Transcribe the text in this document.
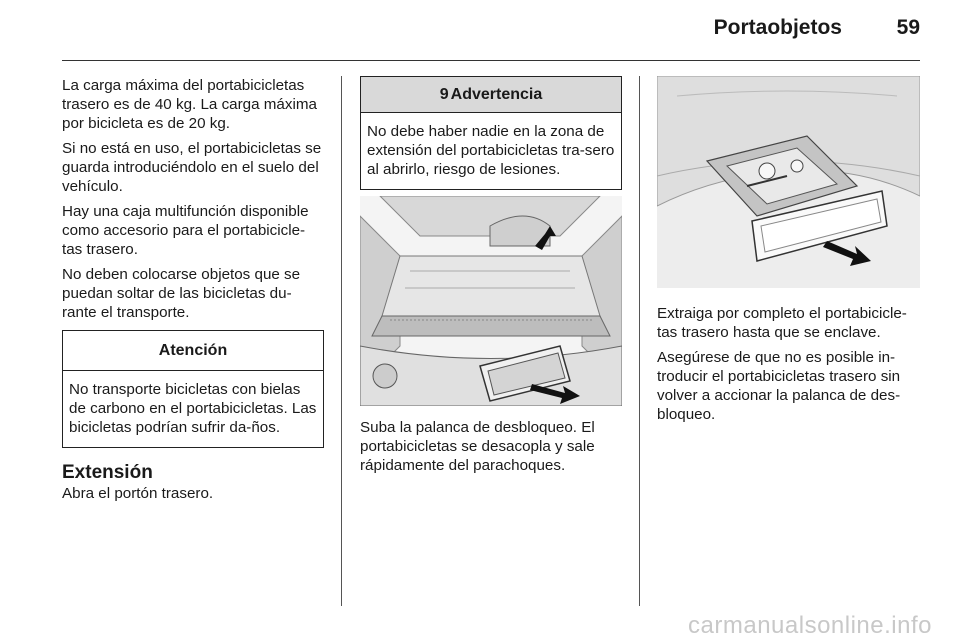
Portaobjetos	59

La carga máxima del portabicicletas trasero es de 40 kg. La carga máxima por bicicleta es de 20 kg.

Si no está en uso, el portabicicletas se guarda introduciéndolo en el suelo del vehículo.

Hay una caja multifunción disponible como accesorio para el portabicicle-tas trasero.

No deben colocarse objetos que se puedan soltar de las bicicletas du-rante el transporte.

Atención
No transporte bicicletas con bielas de carbono en el portabicicletas. Las bicicletas podrían sufrir da-ños.
Extensión
Abra el portón trasero.
9 Advertencia
No debe haber nadie en la zona de extensión del portabicicletas tra-sero al abrirlo, riesgo de lesiones.

Suba la palanca de desbloqueo. El portabicicletas se desacopla y sale rápidamente del parachoques.

Extraiga por completo el portabicicle-tas trasero hasta que se enclave.

Asegúrese de que no es posible in-troducir el portabicicletas trasero sin volver a accionar la palanca de des-bloqueo.

carmanualsonline.info
